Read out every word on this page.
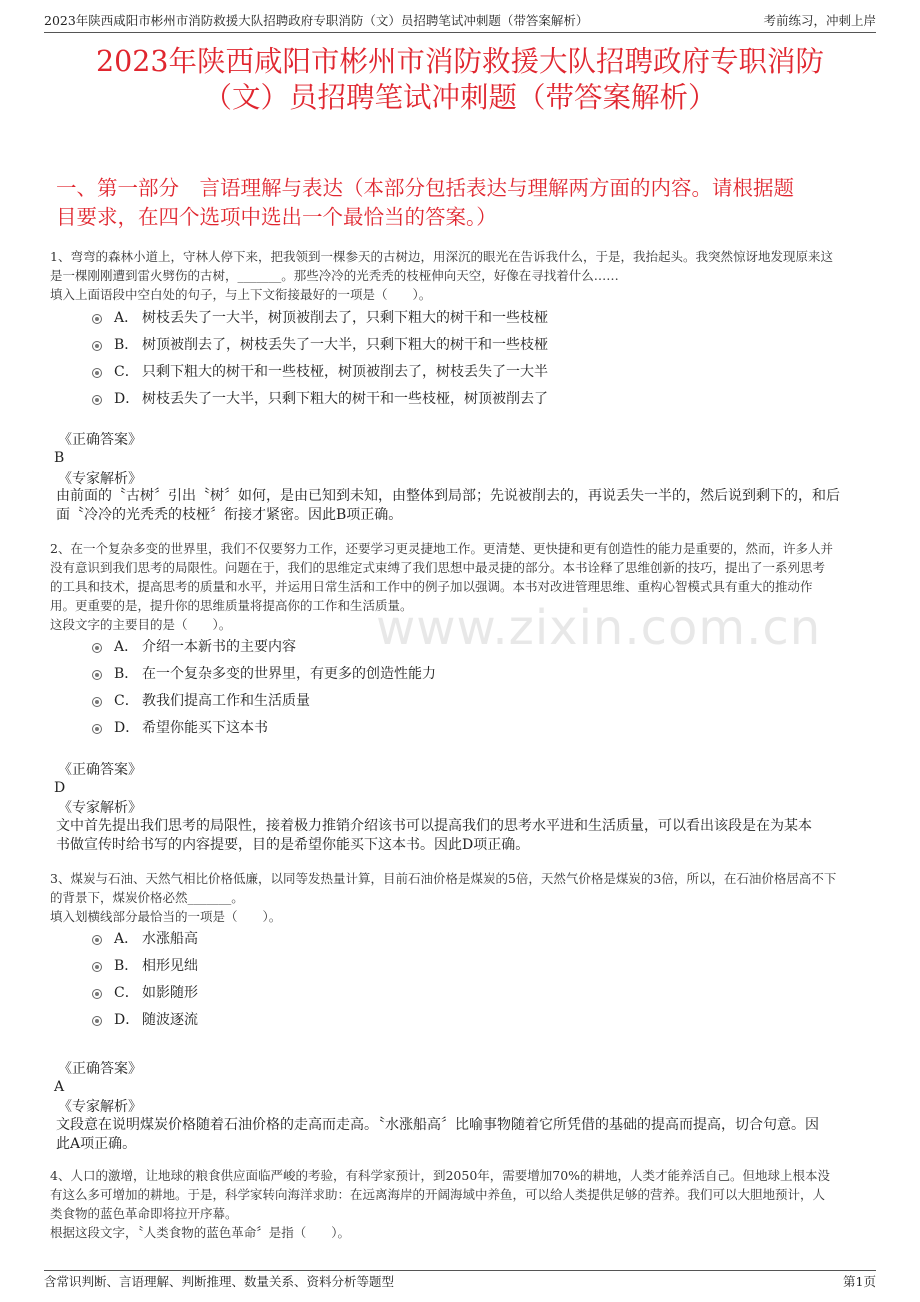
2023年陕西咸阳市彬州市消防救援大队招聘政府专职消防（文）员招聘笔试冲刺题（带答案解析）	考前练习，冲刺上岸
2023年陕西咸阳市彬州市消防救援大队招聘政府专职消防
（文）员招聘笔试冲刺题（带答案解析）
一、第一部分　言语理解与表达（本部分包括表达与理解两方面的内容。请根据题
目要求，在四个选项中选出一个最恰当的答案。）
1、弯弯的森林小道上，守林人停下来，把我领到一棵参天的古树边，用深沉的眼光在告诉我什么，于是，我抬起头。我突然惊讶地发现原来这
是一棵刚刚遭到雷火劈伤的古树，_______。那些冷冷的光秃秃的枝桠伸向天空，好像在寻找着什么……
填入上面语段中空白处的句子，与上下文衔接最好的一项是（　　）。
A． 树枝丢失了一大半，树顶被削去了，只剩下粗大的树干和一些枝桠
B． 树顶被削去了，树枝丢失了一大半，只剩下粗大的树干和一些枝桠
C． 只剩下粗大的树干和一些枝桠，树顶被削去了，树枝丢失了一大半
D． 树枝丢失了一大半，只剩下粗大的树干和一些枝桠，树顶被削去了
《正确答案》
B
《专家解析》
由前面的〝古树〞引出〝树〞如何，是由已知到未知，由整体到局部；先说被削去的，再说丢失一半的，然后说到剩下的，和后
面〝冷冷的光秃秃的枝桠〞衔接才紧密。因此B项正确。
2、在一个复杂多变的世界里，我们不仅要努力工作，还要学习更灵捷地工作。更清楚、更快捷和更有创造性的能力是重要的，然而，许多人并
没有意识到我们思考的局限性。问题在于，我们的思维定式束缚了我们思想中最灵捷的部分。本书诠释了思维创新的技巧，提出了一系列思考
的工具和技术，提高思考的质量和水平，并运用日常生活和工作中的例子加以强调。本书对改进管理思维、重构心智模式具有重大的推动作
用。更重要的是，提升你的思维质量将提高你的工作和生活质量。
这段文字的主要目的是（　　）。
A． 介绍一本新书的主要内容
B． 在一个复杂多变的世界里，有更多的创造性能力
C． 教我们提高工作和生活质量
D． 希望你能买下这本书
《正确答案》
D
《专家解析》
文中首先提出我们思考的局限性，接着极力推销介绍该书可以提高我们的思考水平进和生活质量，可以看出该段是在为某本
书做宣传时给书写的内容提要，目的是希望你能买下这本书。因此D项正确。
3、煤炭与石油、天然气相比价格低廉，以同等发热量计算，目前石油价格是煤炭的5倍，天然气价格是煤炭的3倍，所以，在石油价格居高不下
的背景下，煤炭价格必然_______。
填入划横线部分最恰当的一项是（　　）。
A． 水涨船高
B． 相形见绌
C． 如影随形
D． 随波逐流
《正确答案》
A
《专家解析》
文段意在说明煤炭价格随着石油价格的走高而走高。〝水涨船高〞比喻事物随着它所凭借的基础的提高而提高，切合句意。因
此A项正确。
4、人口的激增，让地球的粮食供应面临严峻的考验，有科学家预计，到2050年，需要增加70%的耕地，人类才能养活自己。但地球上根本没
有这么多可增加的耕地。于是，科学家转向海洋求助：在远离海岸的开阔海域中养鱼，可以给人类提供足够的营养。我们可以大胆地预计，人
类食物的蓝色革命即将拉开序幕。
根据这段文字，〝人类食物的蓝色革命〞是指（　　）。
www.zixin.com.cn
含常识判断、言语理解、判断推理、数量关系、资料分析等题型	第1页
